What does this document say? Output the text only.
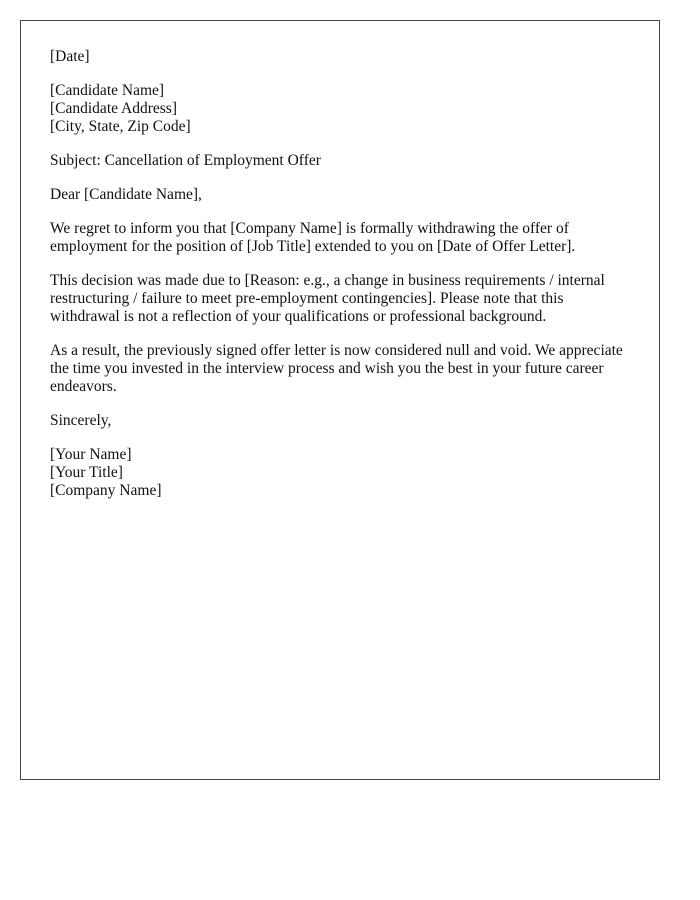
[Date]
[Candidate Name]
[Candidate Address]
[City, State, Zip Code]

Subject: Cancellation of Employment Offer

Dear [Candidate Name],

We regret to inform you that [Company Name] is formally withdrawing the offer of employment for the position of [Job Title] extended to you on [Date of Offer Letter].

This decision was made due to [Reason: e.g., a change in business requirements / internal restructuring / failure to meet pre-employment contingencies]. Please note that this withdrawal is not a reflection of your qualifications or professional background.

As a result, the previously signed offer letter is now considered null and void. We appreciate the time you invested in the interview process and wish you the best in your future career endeavors.

Sincerely,

[Your Name]
[Your Title]
[Company Name]
